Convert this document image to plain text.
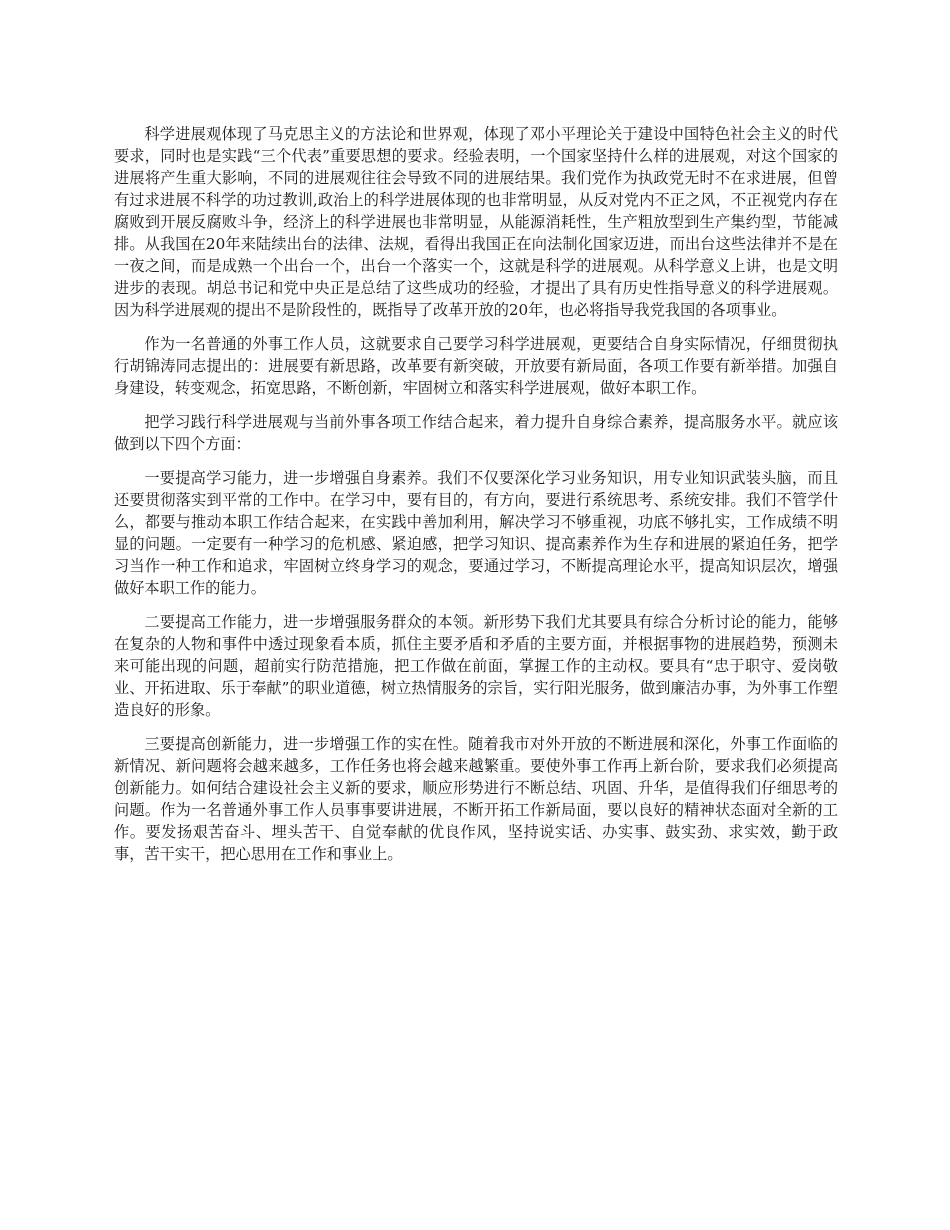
科学进展观体现了马克思主义的方法论和世界观，体现了邓小平理论关于建设中国特色社会主义的时代要求，同时也是实践“三个代表”重要思想的要求。经验表明，一个国家坚持什么样的进展观，对这个国家的进展将产生重大影响，不同的进展观往往会导致不同的进展结果。我们党作为执政党无时不在求进展，但曾有过求进展不科学的功过教训,政治上的科学进展体现的也非常明显，从反对党内不正之风，不正视党内存在腐败到开展反腐败斗争，经济上的科学进展也非常明显，从能源消耗性，生产粗放型到生产集约型，节能减排。从我国在20年来陆续出台的法律、法规，看得出我国正在向法制化国家迈进，而出台这些法律并不是在一夜之间，而是成熟一个出台一个，出台一个落实一个，这就是科学的进展观。从科学意义上讲，也是文明进步的表现。胡总书记和党中央正是总结了这些成功的经验，才提出了具有历史性指导意义的科学进展观。因为科学进展观的提出不是阶段性的，既指导了改革开放的20年，也必将指导我党我国的各项事业。

作为一名普通的外事工作人员，这就要求自己要学习科学进展观，更要结合自身实际情况，仔细贯彻执行胡锦涛同志提出的：进展要有新思路，改革要有新突破，开放要有新局面，各项工作要有新举措。加强自身建设，转变观念，拓宽思路，不断创新，牢固树立和落实科学进展观，做好本职工作。

把学习践行科学进展观与当前外事各项工作结合起来，着力提升自身综合素养，提高服务水平。就应该做到以下四个方面：

一要提高学习能力，进一步增强自身素养。我们不仅要深化学习业务知识，用专业知识武装头脑，而且还要贯彻落实到平常的工作中。在学习中，要有目的，有方向，要进行系统思考、系统安排。我们不管学什么，都要与推动本职工作结合起来，在实践中善加利用，解决学习不够重视，功底不够扎实，工作成绩不明显的问题。一定要有一种学习的危机感、紧迫感，把学习知识、提高素养作为生存和进展的紧迫任务，把学习当作一种工作和追求，牢固树立终身学习的观念，要通过学习，不断提高理论水平，提高知识层次，增强做好本职工作的能力。

二要提高工作能力，进一步增强服务群众的本领。新形势下我们尤其要具有综合分析讨论的能力，能够在复杂的人物和事件中透过现象看本质，抓住主要矛盾和矛盾的主要方面，并根据事物的进展趋势，预测未来可能出现的问题，超前实行防范措施，把工作做在前面，掌握工作的主动权。要具有“忠于职守、爱岗敬业、开拓进取、乐于奉献”的职业道德，树立热情服务的宗旨，实行阳光服务，做到廉洁办事，为外事工作塑造良好的形象。

三要提高创新能力，进一步增强工作的实在性。随着我市对外开放的不断进展和深化，外事工作面临的新情况、新问题将会越来越多，工作任务也将会越来越繁重。要使外事工作再上新台阶，要求我们必须提高创新能力。如何结合建设社会主义新的要求，顺应形势进行不断总结、巩固、升华，是值得我们仔细思考的问题。作为一名普通外事工作人员事事要讲进展，不断开拓工作新局面，要以良好的精神状态面对全新的工作。要发扬艰苦奋斗、埋头苦干、自觉奉献的优良作风，坚持说实话、办实事、鼓实劲、求实效，勤于政事，苦干实干，把心思用在工作和事业上。
